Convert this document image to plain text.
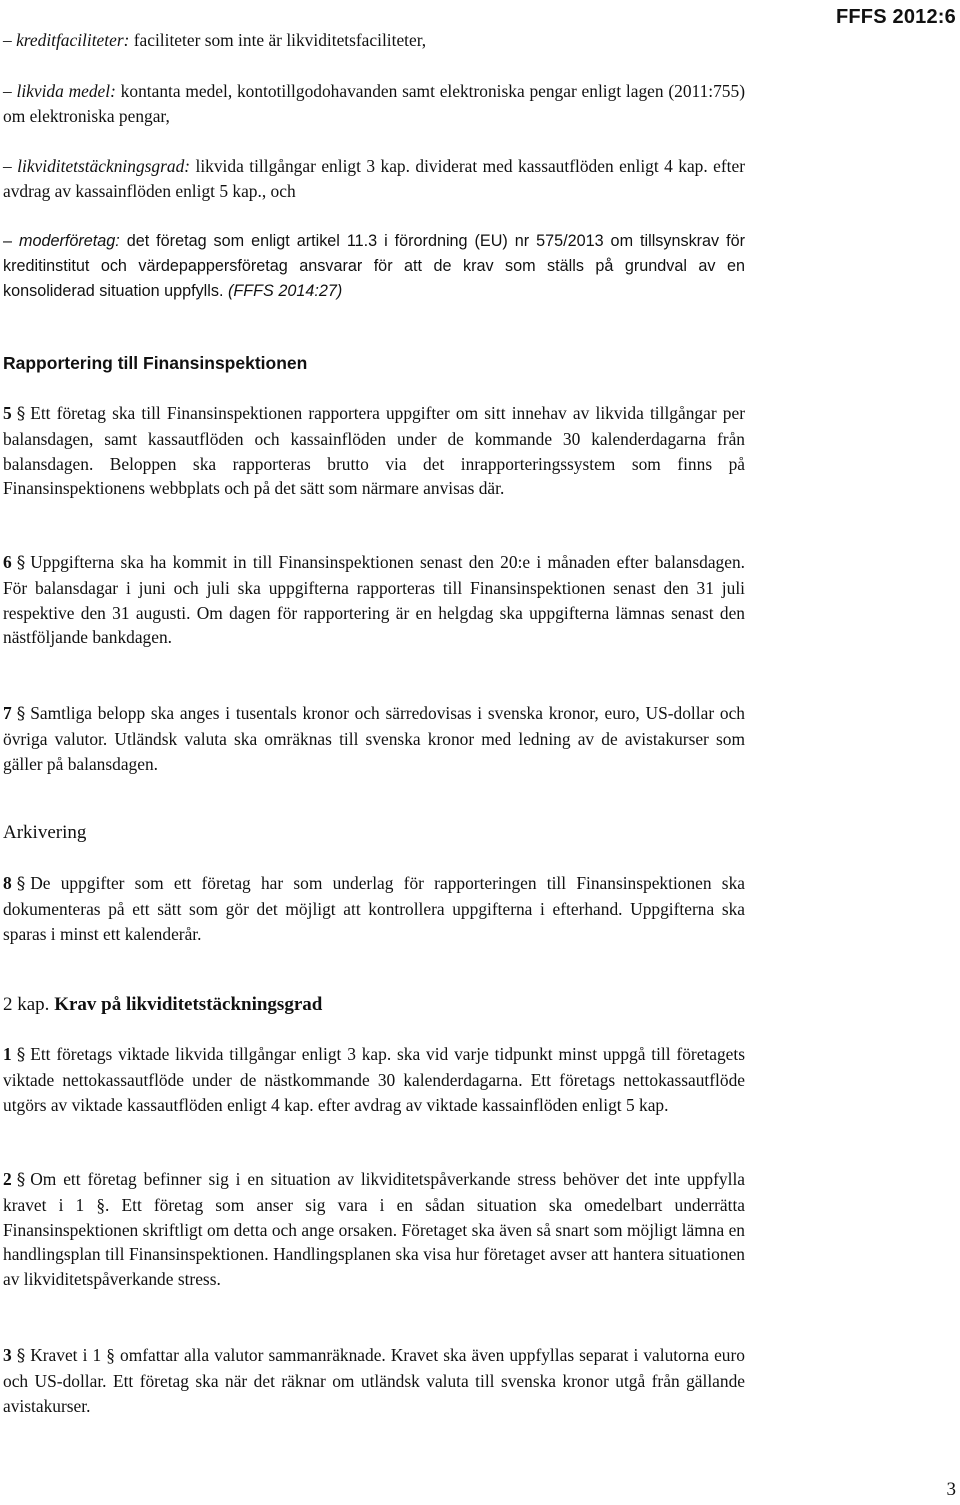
FFFS 2012:6

– kreditfaciliteter: faciliteter som inte är likviditetsfaciliteter,

– likvida medel: kontanta medel, kontotillgodohavanden samt elektroniska pengar enligt lagen (2011:755) om elektroniska pengar,

– likviditetstäckningsgrad: likvida tillgångar enligt 3 kap. dividerat med kassautflöden enligt 4 kap. efter avdrag av kassainflöden enligt 5 kap., och

– moderföretag: det företag som enligt artikel 11.3 i förordning (EU) nr 575/2013 om tillsynskrav för kreditinstitut och värdepappersföretag ansvarar för att de krav som ställs på grundval av en konsoliderad situation uppfylls. (FFFS 2014:27)

Rapportering till Finansinspektionen

5 § Ett företag ska till Finansinspektionen rapportera uppgifter om sitt innehav av likvida tillgångar per balansdagen, samt kassautflöden och kassainflöden under de kommande 30 kalenderdagarna från balansdagen. Beloppen ska rapporteras brutto via det inrapporteringssystem som finns på Finansinspektionens webbplats och på det sätt som närmare anvisas där.

6 § Uppgifterna ska ha kommit in till Finansinspektionen senast den 20:e i månaden efter balansdagen. För balansdagar i juni och juli ska uppgifterna rapporteras till Finansinspektionen senast den 31 juli respektive den 31 augusti. Om dagen för rapportering är en helgdag ska uppgifterna lämnas senast den nästföljande bankdagen.

7 § Samtliga belopp ska anges i tusentals kronor och särredovisas i svenska kronor, euro, US-dollar och övriga valutor. Utländsk valuta ska omräknas till svenska kronor med ledning av de avistakurser som gäller på balansdagen.

Arkivering

8 § De uppgifter som ett företag har som underlag för rapporteringen till Finansinspektionen ska dokumenteras på ett sätt som gör det möjligt att kontrollera uppgifterna i efterhand. Uppgifterna ska sparas i minst ett kalenderår.

2 kap. Krav på likviditetstäckningsgrad

1 § Ett företags viktade likvida tillgångar enligt 3 kap. ska vid varje tidpunkt minst uppgå till företagets viktade nettokassautflöde under de nästkommande 30 kalenderdagarna. Ett företags nettokassautflöde utgörs av viktade kassautflöden enligt 4 kap. efter avdrag av viktade kassainflöden enligt 5 kap.

2 § Om ett företag befinner sig i en situation av likviditetspåverkande stress behöver det inte uppfylla kravet i 1 §. Ett företag som anser sig vara i en sådan situation ska omedelbart underrätta Finansinspektionen skriftligt om detta och ange orsaken. Företaget ska även så snart som möjligt lämna en handlingsplan till Finansinspektionen. Handlingsplanen ska visa hur företaget avser att hantera situationen av likviditetspåverkande stress.

3 § Kravet i 1 § omfattar alla valutor sammanräknade. Kravet ska även uppfyllas separat i valutorna euro och US-dollar. Ett företag ska när det räknar om utländsk valuta till svenska kronor utgå från gällande avistakurser.

3
